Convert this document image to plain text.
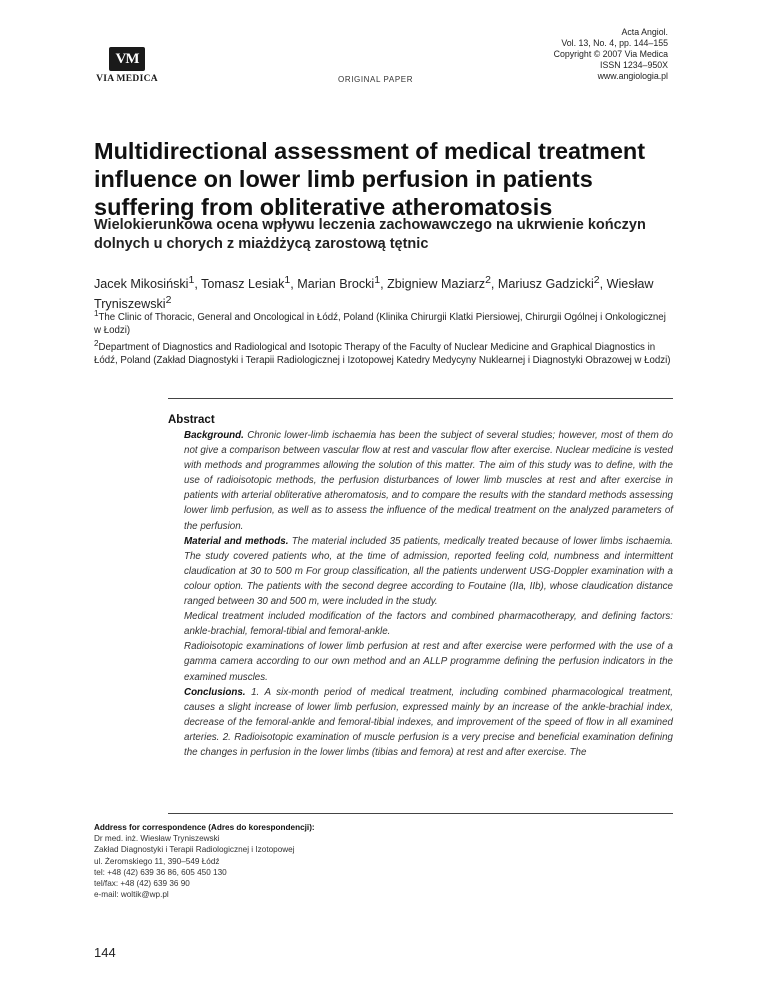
VM
VIA MEDICA	ORIGINAL PAPER
Acta Angiol.
Vol. 13, No. 4, pp. 144–155
Copyright © 2007 Via Medica
ISSN 1234–950X
www.angiologia.pl
Multidirectional assessment of medical treatment influence on lower limb perfusion in patients suffering from obliterative atheromatosis
Wielokierunkowa ocena wpływu leczenia zachowawczego na ukrwienie kończyn dolnych u chorych z miażdżycą zarostową tętnic

Jacek Mikosiński$^1$, Tomasz Lesiak$^1$, Marian Brocki$^1$, Zbigniew Maziarz$^2$, Mariusz Gadzicki$^2$, Wiesław Tryniszewski$^2$

$^1$The Clinic of Thoracic, General and Oncological in Łódź, Poland (Klinika Chirurgii Klatki Piersiowej, Chirurgii Ogólnej i Onkologicznej w Łodzi)

$^2$Department of Diagnostics and Radiological and Isotopic Therapy of the Faculty of Nuclear Medicine and Graphical Diagnostics in Łódź, Poland (Zakład Diagnostyki i Terapii Radiologicznej i Izotopowej Katedry Medycyny Nuklearnej i Diagnostyki Obrazowej w Łodzi)

Abstract

Background. Chronic lower-limb ischaemia has been the subject of several studies; however, most of them do not give a comparison between vascular flow at rest and vascular flow after exercise. Nuclear medicine is vested with methods and programmes allowing the solution of this matter. The aim of this study was to define, with the use of radioisotopic methods, the perfusion disturbances of lower limb muscles at rest and after exercise in patients with arterial obliterative atheromatosis, and to compare the results with the standard methods assessing lower limb perfusion, as well as to assess the influence of the medical treatment on the analyzed parameters of the perfusion.

Material and methods. The material included 35 patients, medically treated because of lower limbs ischaemia. The study covered patients who, at the time of admission, reported feeling cold, numbness and intermittent claudication at 30 to 500 m For group classification, all the patients underwent USG-Doppler examination with a colour option. The patients with the second degree according to Foutaine (IIa, IIb), whose claudication distance ranged between 30 and 500 m, were included in the study.

Medical treatment included modification of the factors and combined pharmacotherapy, and defining factors: ankle-brachial, femoral-tibial and femoral-ankle.

Radioisotopic examinations of lower limb perfusion at rest and after exercise were performed with the use of a gamma camera according to our own method and an ALLP programme defining the perfusion indicators in the examined muscles.

Conclusions. 1. A six-month period of medical treatment, including combined pharmacological treatment, causes a slight increase of lower limb perfusion, expressed mainly by an increase of the ankle-brachial index, decrease of the femoral-ankle and femoral-tibial indexes, and improvement of the speed of flow in all examined arteries. 2. Radioisotopic examination of muscle perfusion is a very precise and beneficial examination defining the changes in perfusion in the lower limbs (tibias and femora) at rest and after exercise. The

Address for correspondence (Adres do korespondencji):
Dr med. inż. Wiesław Tryniszewski
Zakład Diagnostyki i Terapii Radiologicznej i Izotopowej
ul. Żeromskiego 11, 390–549 Łódź
tel: +48 (42) 639 36 86, 605 450 130
tel/fax: +48 (42) 639 36 90
e-mail: woltik@wp.pl
144
